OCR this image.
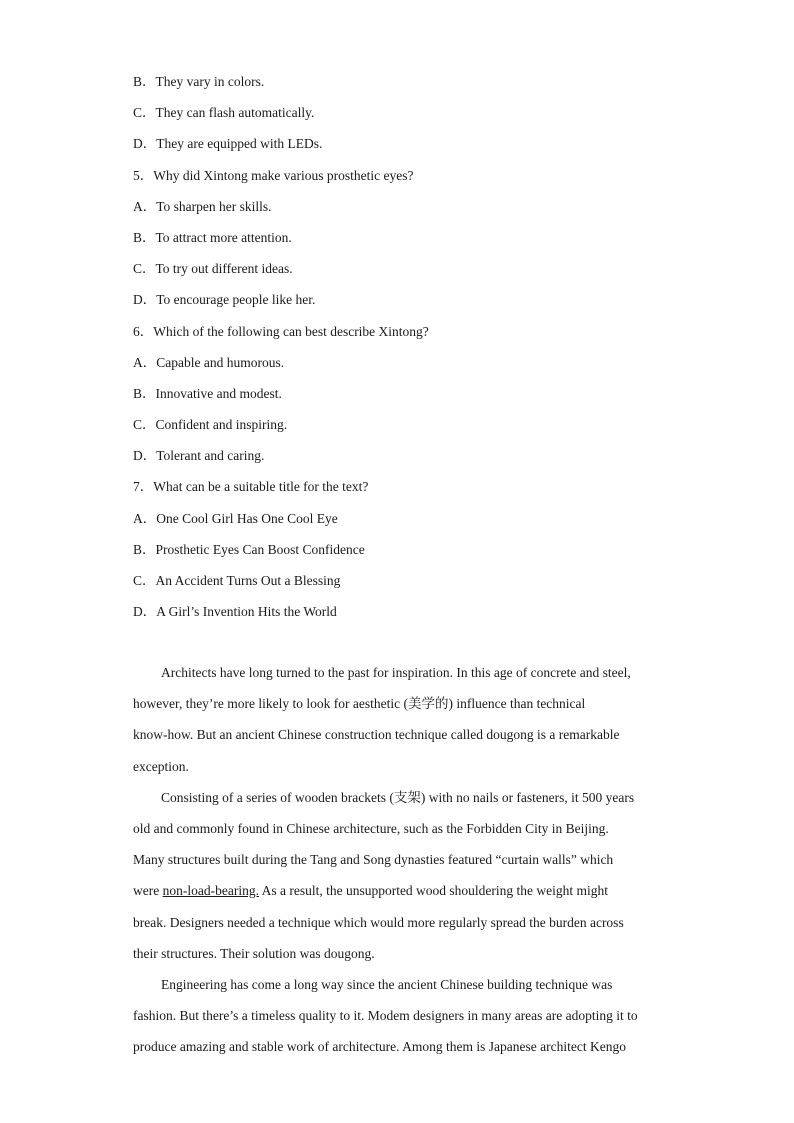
B．They vary in colors.
C．They can flash automatically.
D．They are equipped with LEDs.
5．Why did Xintong make various prosthetic eyes?
A．To sharpen her skills.
B．To attract more attention.
C．To try out different ideas.
D．To encourage people like her.
6．Which of the following can best describe Xintong?
A．Capable and humorous.
B．Innovative and modest.
C．Confident and inspiring.
D．Tolerant and caring.
7．What can be a suitable title for the text?
A．One Cool Girl Has One Cool Eye
B．Prosthetic Eyes Can Boost Confidence
C．An Accident Turns Out a Blessing
D．A Girl’s Invention Hits the World
Architects have long turned to the past for inspiration. In this age of concrete and steel,
however, they’re more likely to look for aesthetic (美学的) influence than technical
know-how. But an ancient Chinese construction technique called dougong is a remarkable
exception.
Consisting of a series of wooden brackets (支架) with no nails or fasteners, it 500 years
old and commonly found in Chinese architecture, such as the Forbidden City in Beijing.
Many structures built during the Tang and Song dynasties featured “curtain walls” which
were non-load-bearing. As a result, the unsupported wood shouldering the weight might
break. Designers needed a technique which would more regularly spread the burden across
their structures. Their solution was dougong.
Engineering has come a long way since the ancient Chinese building technique was
fashion. But there’s a timeless quality to it. Modem designers in many areas are adopting it to
produce amazing and stable work of architecture. Among them is Japanese architect Kengo
